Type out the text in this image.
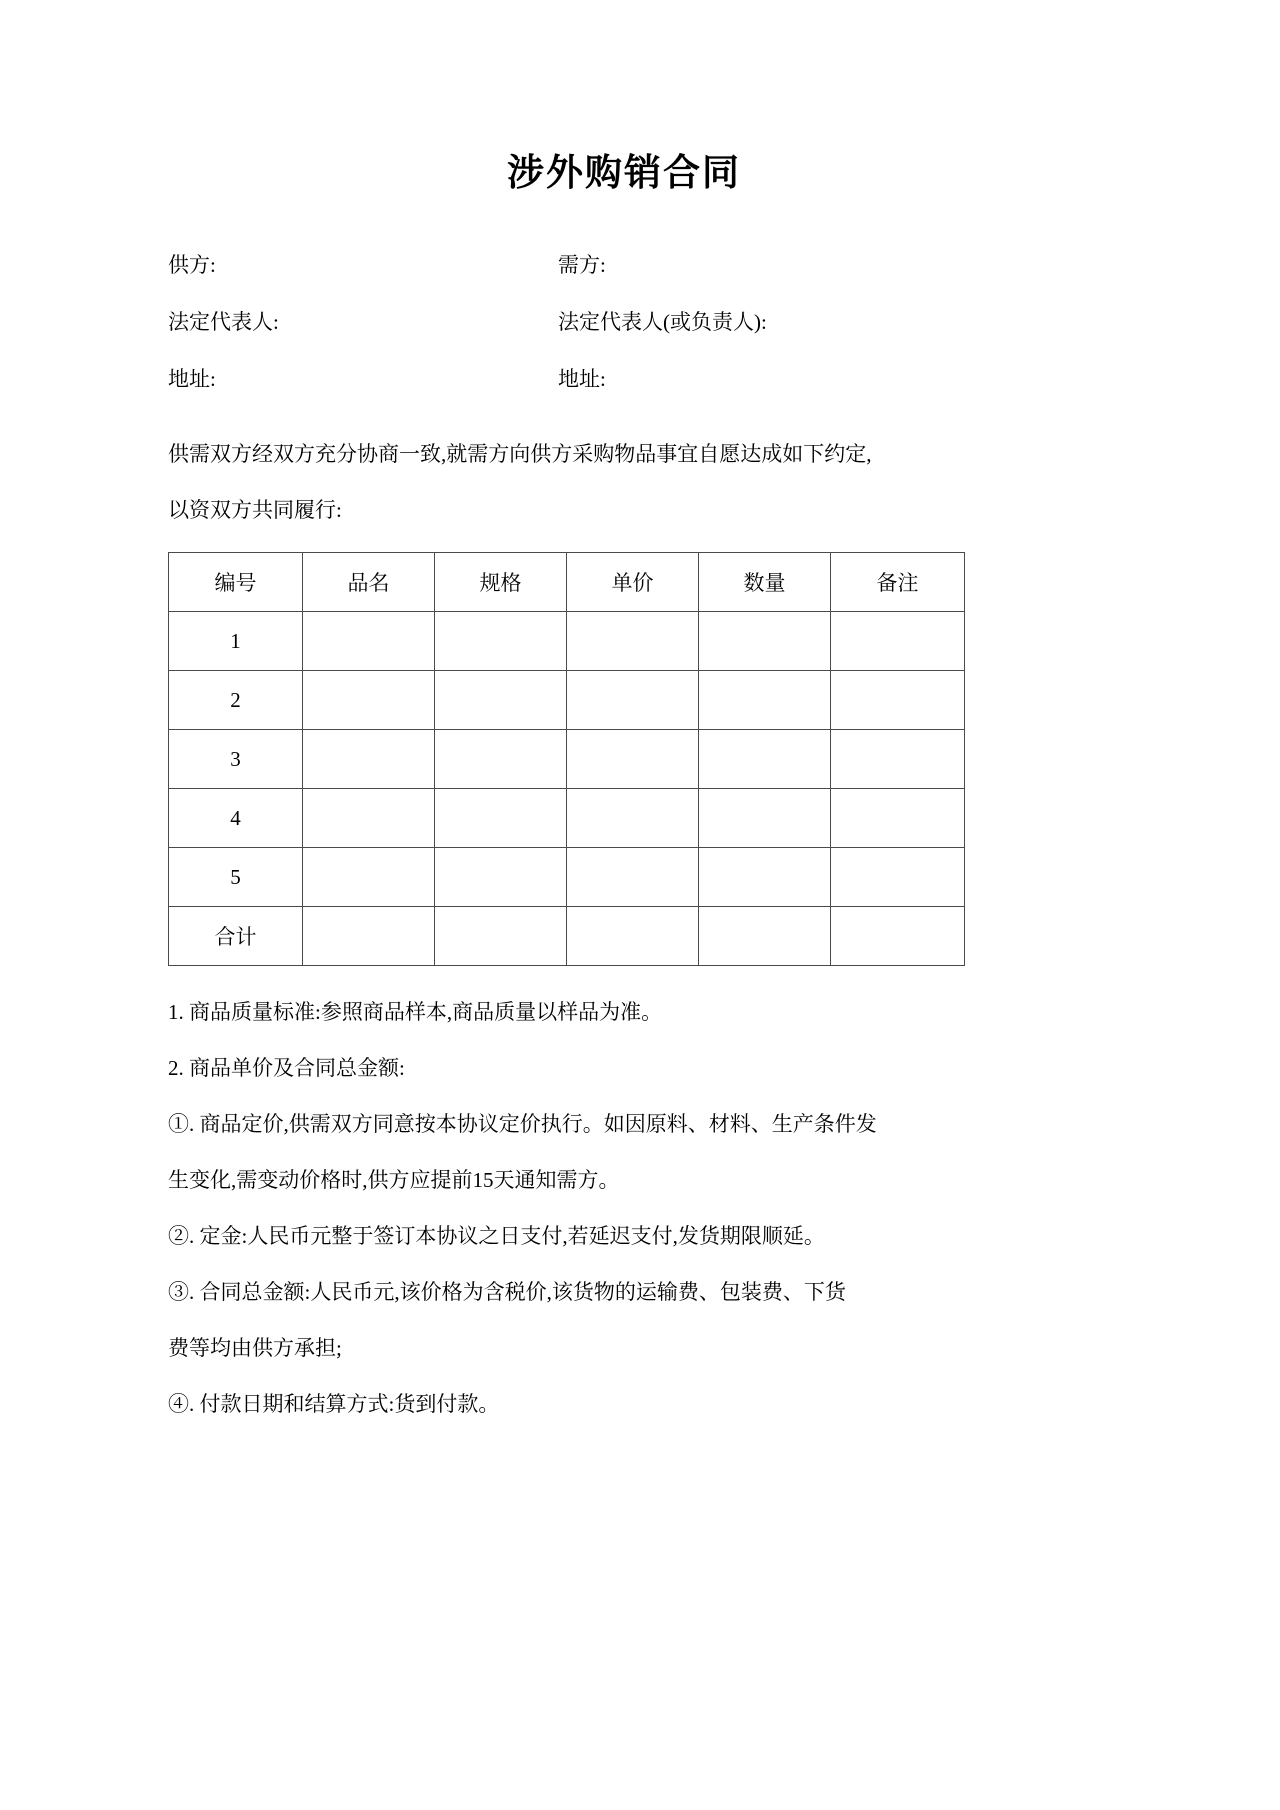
涉外购销合同
供方:	需方:
法定代表人:	法定代表人(或负责人):
地址:	地址:

供需双方经双方充分协商一致,就需方向供方采购物品事宜自愿达成如下约定,
以资双方共同履行:

编号	品名	规格	单价	数量	备注
1					
2					
3					
4					
5					
合计					

1. 商品质量标准:参照商品样本,商品质量以样品为准。

2. 商品单价及合同总金额:

①. 商品定价,供需双方同意按本协议定价执行。如因原料、材料、生产条件发
生变化,需变动价格时,供方应提前15天通知需方。

②. 定金:人民币元整于签订本协议之日支付,若延迟支付,发货期限顺延。

③. 合同总金额:人民币元,该价格为含税价,该货物的运输费、包装费、下货
费等均由供方承担;

④. 付款日期和结算方式:货到付款。
